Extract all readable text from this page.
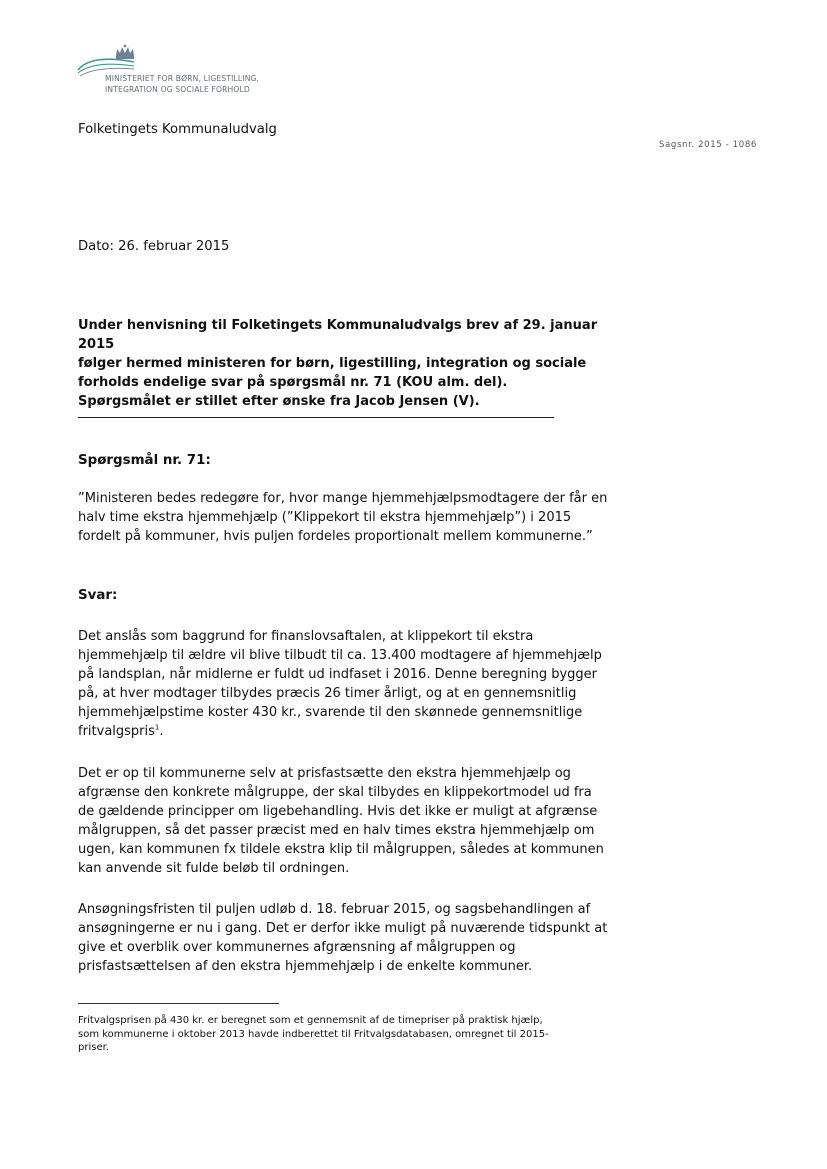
MINISTERIET FOR BØRN, LIGESTILLING,
INTEGRATION OG SOCIALE FORHOLD
Folketingets Kommunaludvalg
Sagsnr. 2015 - 1086
Dato: 26. februar 2015
Under henvisning til Folketingets Kommunaludvalgs brev af 29. januar 2015
følger hermed ministeren for børn, ligestilling, integration og sociale
forholds endelige svar på spørgsmål nr. 71 (KOU alm. del).
Spørgsmålet er stillet efter ønske fra Jacob Jensen (V).
Spørgsmål nr. 71:
”Ministeren bedes redegøre for, hvor mange hjemmehjælpsmodtagere der får en
halv time ekstra hjemmehjælp (”Klippekort til ekstra hjemmehjælp”) i 2015
fordelt på kommuner, hvis puljen fordeles proportionalt mellem kommunerne.”
Svar:
Det anslås som baggrund for finanslovsaftalen, at klippekort til ekstra
hjemmehjælp til ældre vil blive tilbudt til ca. 13.400 modtagere af hjemmehjælp
på landsplan, når midlerne er fuldt ud indfaset i 2016. Denne beregning bygger
på, at hver modtager tilbydes præcis 26 timer årligt, og at en gennemsnitlig
hjemmehjælpstime koster 430 kr., svarende til den skønnede gennemsnitlige
fritvalgspris$^1$.
Det er op til kommunerne selv at prisfastsætte den ekstra hjemmehjælp og
afgrænse den konkrete målgruppe, der skal tilbydes en klippekortmodel ud fra
de gældende principper om ligebehandling. Hvis det ikke er muligt at afgrænse
målgruppen, så det passer præcist med en halv times ekstra hjemmehjælp om
ugen, kan kommunen fx tildele ekstra klip til målgruppen, således at kommunen
kan anvende sit fulde beløb til ordningen.
Ansøgningsfristen til puljen udløb d. 18. februar 2015, og sagsbehandlingen af
ansøgningerne er nu i gang. Det er derfor ikke muligt på nuværende tidspunkt at
give et overblik over kommunernes afgrænsning af målgruppen og
prisfastsættelsen af den ekstra hjemmehjælp i de enkelte kommuner.
Fritvalgsprisen på 430 kr. er beregnet som et gennemsnit af de timepriser på praktisk hjælp,
som kommunerne i oktober 2013 havde indberettet til Fritvalgsdatabasen, omregnet til 2015-
priser.
